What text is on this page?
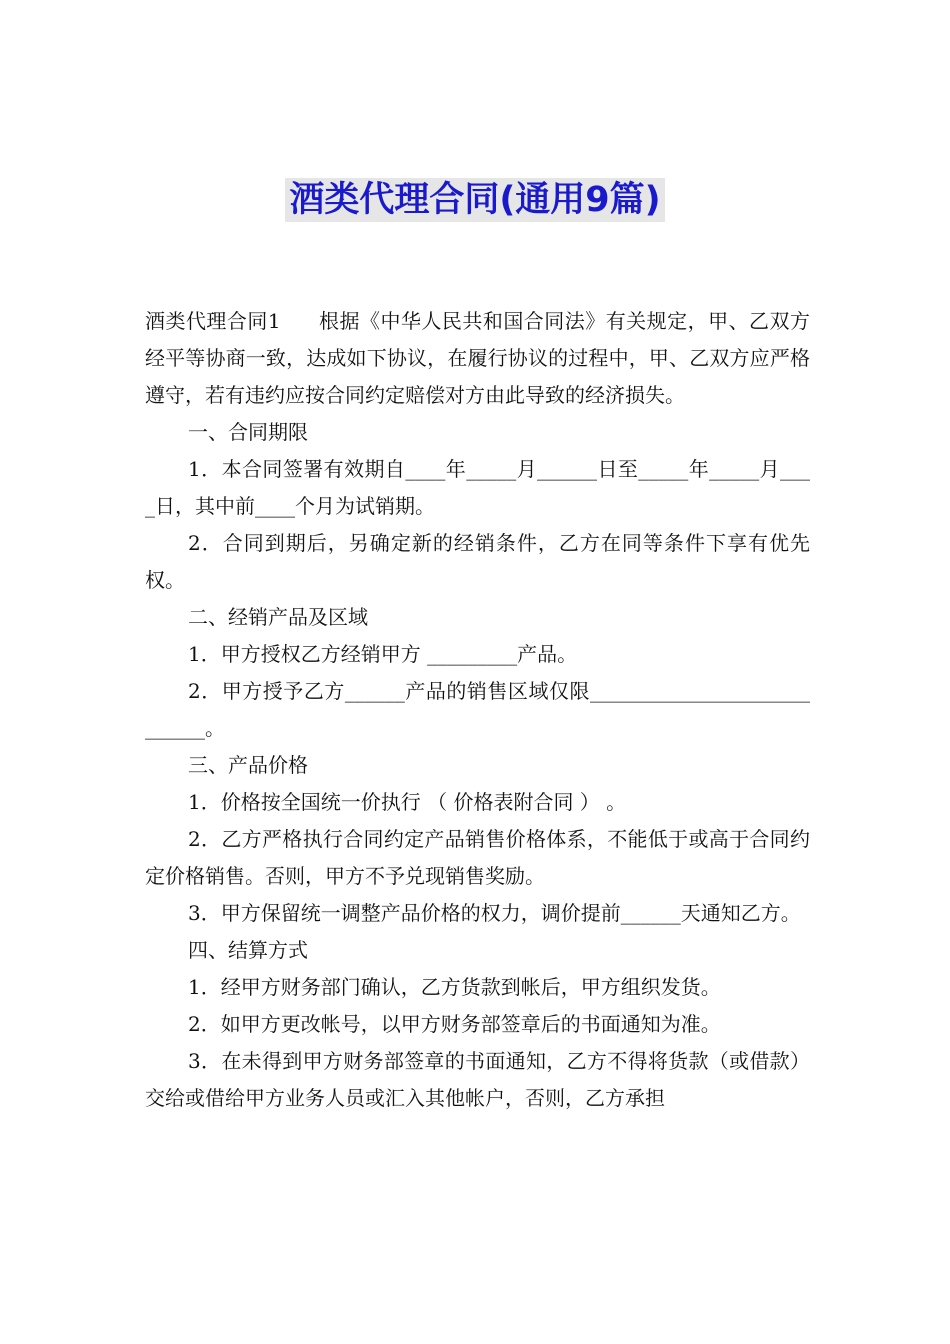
酒类代理合同(通用9篇)

酒类代理合同1 根据《中华人民共和国合同法》有关规定，甲、乙双方经平等协商一致，达成如下协议，在履行协议的过程中，甲、乙双方应严格遵守，若有违约应按合同约定赔偿对方由此导致的经济损失。

一、合同期限

1．本合同签署有效期自____年_____月______日至_____年_____月____日，其中前____个月为试销期。

2．合同到期后，另确定新的经销条件，乙方在同等条件下享有优先权。

二、经销产品及区域

1．甲方授权乙方经销甲方 _________产品。

2．甲方授予乙方______产品的销售区域仅限____________________________。

三、产品价格

1．价格按全国统一价执行 （ 价格表附合同 ） 。

2．乙方严格执行合同约定产品销售价格体系，不能低于或高于合同约定价格销售。否则，甲方不予兑现销售奖励。

3．甲方保留统一调整产品价格的权力，调价提前______天通知乙方。

四、结算方式

1．经甲方财务部门确认，乙方货款到帐后，甲方组织发货。

2．如甲方更改帐号，以甲方财务部签章后的书面通知为准。

3．在未得到甲方财务部签章的书面通知，乙方不得将货款（或借款）交给或借给甲方业务人员或汇入其他帐户，否则，乙方承担
